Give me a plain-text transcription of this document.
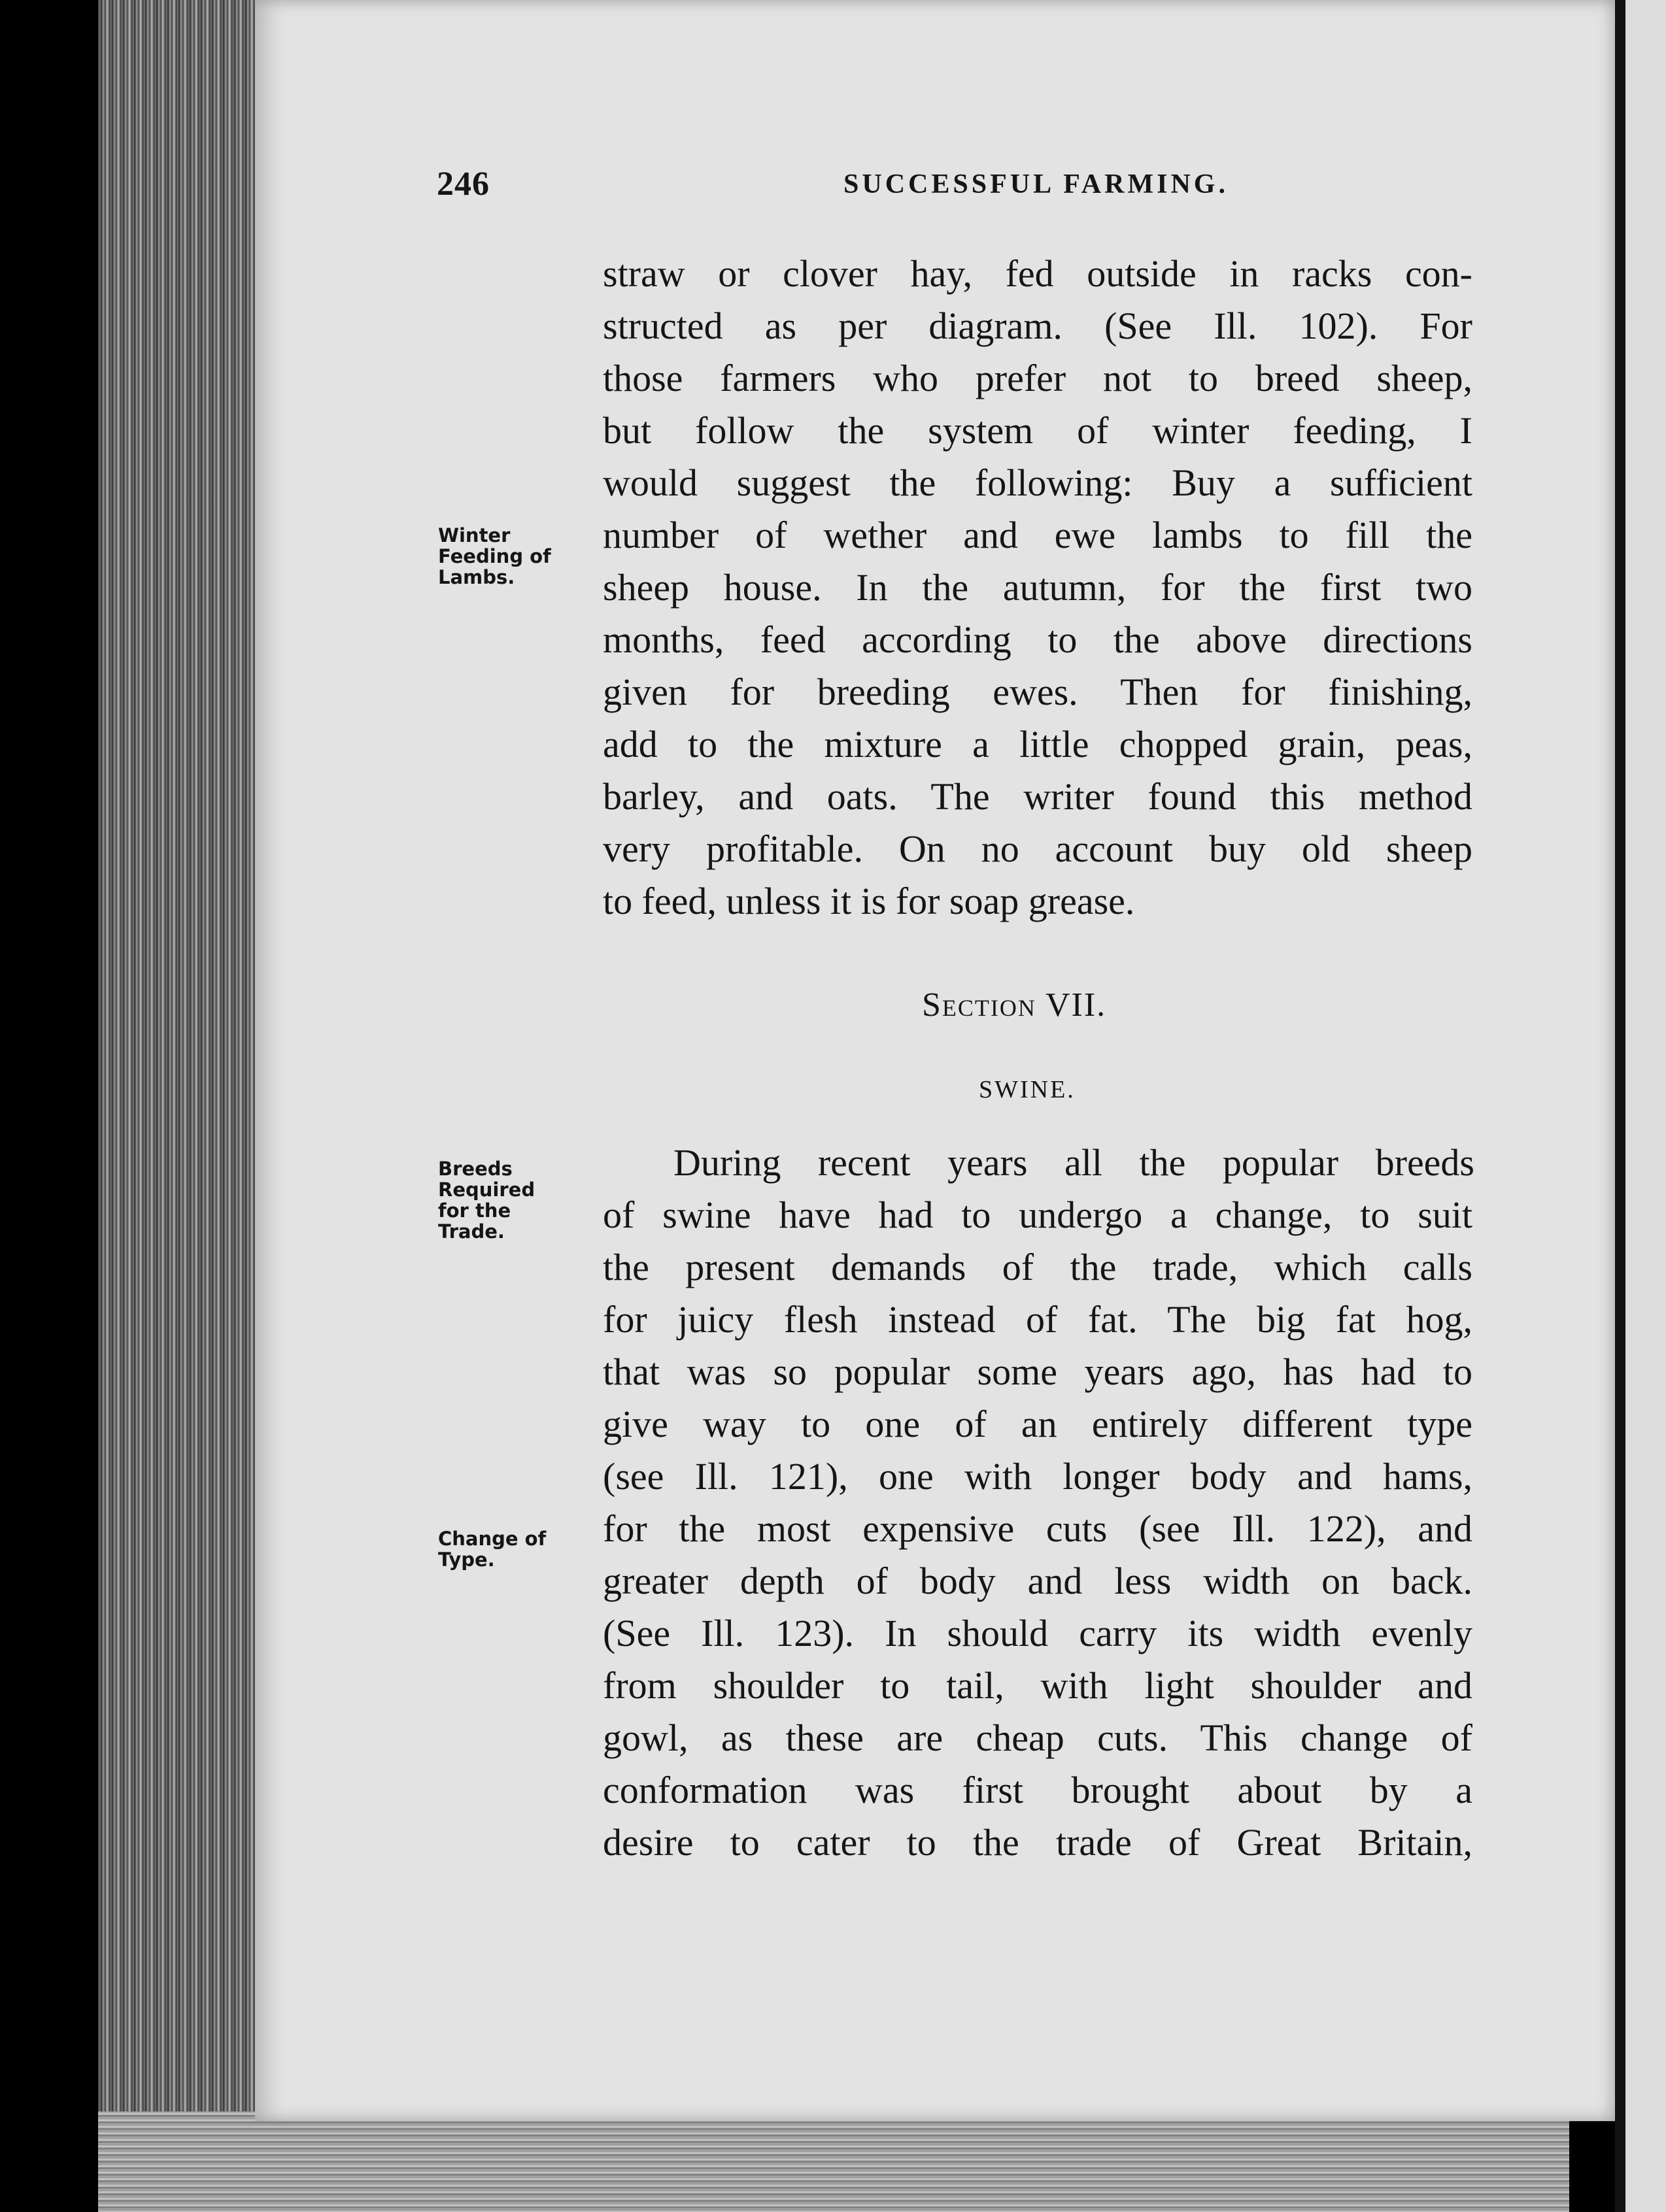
246	SUCCESSFUL FARMING.
Winter Feeding of Lambs.
Breeds Required for the Trade.
Change of Type.
straw or clover hay, fed outside in racks con-
structed as per diagram. (See Ill. 102). For
those farmers who prefer not to breed sheep,
but follow the system of winter feeding, I
would suggest the following: Buy a sufficient
number of wether and ewe lambs to fill the
sheep house. In the autumn, for the first two
months, feed according to the above directions
given for breeding ewes. Then for finishing,
add to the mixture a little chopped grain, peas,
barley, and oats. The writer found this method
very profitable. On no account buy old sheep
to feed, unless it is for soap grease.
Section VII.
SWINE.
During recent years all the popular breeds
of swine have had to undergo a change, to suit
the present demands of the trade, which calls
for juicy flesh instead of fat. The big fat hog,
that was so popular some years ago, has had to
give way to one of an entirely different type
(see Ill. 121), one with longer body and hams,
for the most expensive cuts (see Ill. 122), and
greater depth of body and less width on back.
(See Ill. 123). In should carry its width evenly
from shoulder to tail, with light shoulder and
gowl, as these are cheap cuts. This change of
conformation was first brought about by a
desire to cater to the trade of Great Britain,
